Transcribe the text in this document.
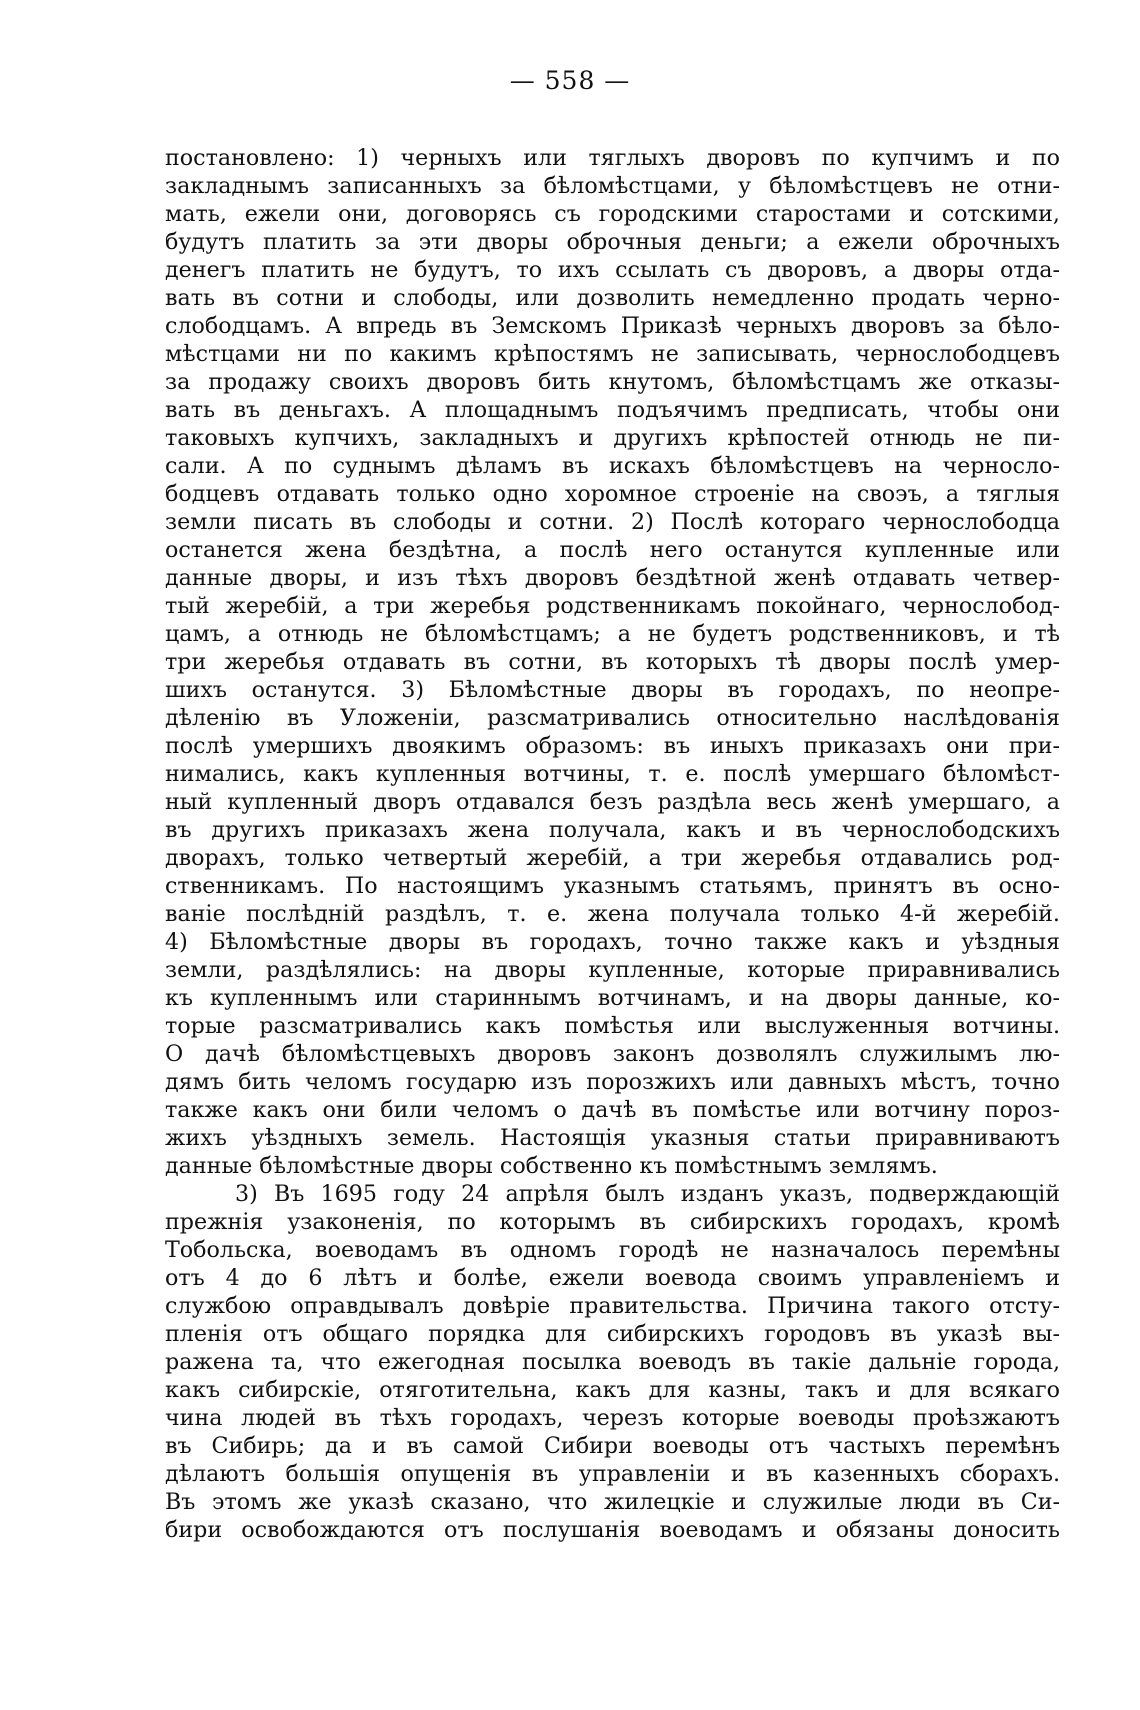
— 558 —
постановлено: 1) черныхъ или тяглыхъ дворовъ по купчимъ и по
закладнымъ записанныхъ за бѣломѣстцами, у бѣломѣстцевъ не отни-
мать, ежели они, договорясь съ городскими старостами и сотскими,
будутъ платить за эти дворы оброчныя деньги; а ежели оброчныхъ
денегъ платить не будутъ, то ихъ ссылать съ дворовъ, а дворы отда-
вать въ сотни и слободы, или дозволить немедленно продать черно-
слободцамъ. А впредь въ Земскомъ Приказѣ черныхъ дворовъ за бѣло-
мѣстцами ни по какимъ крѣпостямъ не записывать, чернослободцевъ
за продажу своихъ дворовъ бить кнутомъ, бѣломѣстцамъ же отказы-
вать въ деньгахъ. А площаднымъ подъячимъ предписать, чтобы они
таковыхъ купчихъ, закладныхъ и другихъ крѣпостей отнюдь не пи-
сали. А по суднымъ дѣламъ въ искахъ бѣломѣстцевъ на черносло-
бодцевъ отдавать только одно хоромное строеніе на своэъ, а тяглыя
земли писать въ слободы и сотни. 2) Послѣ котораго чернослободца
останется жена бездѣтна, а послѣ него останутся купленные или
данные дворы, и изъ тѣхъ дворовъ бездѣтной женѣ отдавать четвер-
тый жеребій, а три жеребья родственникамъ покойнаго, чернослобод-
цамъ, а отнюдь не бѣломѣстцамъ; а не будетъ родственниковъ, и тѣ
три жеребья отдавать въ сотни, въ которыхъ тѣ дворы послѣ умер-
шихъ останутся. 3) Бѣломѣстные дворы въ городахъ, по неопре-
дѣленію въ Уложеніи, разсматривались относительно наслѣдованія
послѣ умершихъ двоякимъ образомъ: въ иныхъ приказахъ они при-
нимались, какъ купленныя вотчины, т. е. послѣ умершаго бѣломѣст-
ный купленный дворъ отдавался безъ раздѣла весь женѣ умершаго, а
въ другихъ приказахъ жена получала, какъ и въ чернослободскихъ
дворахъ, только четвертый жеребій, а три жеребья отдавались род-
ственникамъ. По настоящимъ указнымъ статьямъ, принятъ въ осно-
ваніе послѣдній раздѣлъ, т. е. жена получала только 4-й жеребій.
4) Бѣломѣстные дворы въ городахъ, точно также какъ и уѣздныя
земли, раздѣлялись: на дворы купленные, которые приравнивались
къ купленнымъ или стариннымъ вотчинамъ, и на дворы данные, ко-
торые разсматривались какъ помѣстья или выслуженныя вотчины.
О дачѣ бѣломѣстцевыхъ дворовъ законъ дозволялъ служилымъ лю-
дямъ бить челомъ государю изъ порозжихъ или давныхъ мѣстъ, точно
также какъ они били челомъ о дачѣ въ помѣстье или вотчину пороз-
жихъ уѣздныхъ земель. Настоящія указныя статьи приравниваютъ
данные бѣломѣстные дворы собственно къ помѣстнымъ землямъ.
3) Въ 1695 году 24 апрѣля былъ изданъ указъ, подверждающій
прежнія узаконенія, по которымъ въ сибирскихъ городахъ, кромѣ
Тобольска, воеводамъ въ одномъ городѣ не назначалось перемѣны
отъ 4 до 6 лѣтъ и болѣе, ежели воевода своимъ управленіемъ и
службою оправдывалъ довѣріе правительства. Причина такого отсту-
пленія отъ общаго порядка для сибирскихъ городовъ въ указѣ вы-
ражена та, что ежегодная посылка воеводъ въ такіе дальніе города,
какъ сибирскіе, отяготительна, какъ для казны, такъ и для всякаго
чина людей въ тѣхъ городахъ, черезъ которые воеводы проѣзжаютъ
въ Сибирь; да и въ самой Сибири воеводы отъ частыхъ перемѣнъ
дѣлаютъ большія опущенія въ управленіи и въ казенныхъ сборахъ.
Въ этомъ же указѣ сказано, что жилецкіе и служилые люди въ Си-
бири освобождаются отъ послушанія воеводамъ и обязаны доносить
